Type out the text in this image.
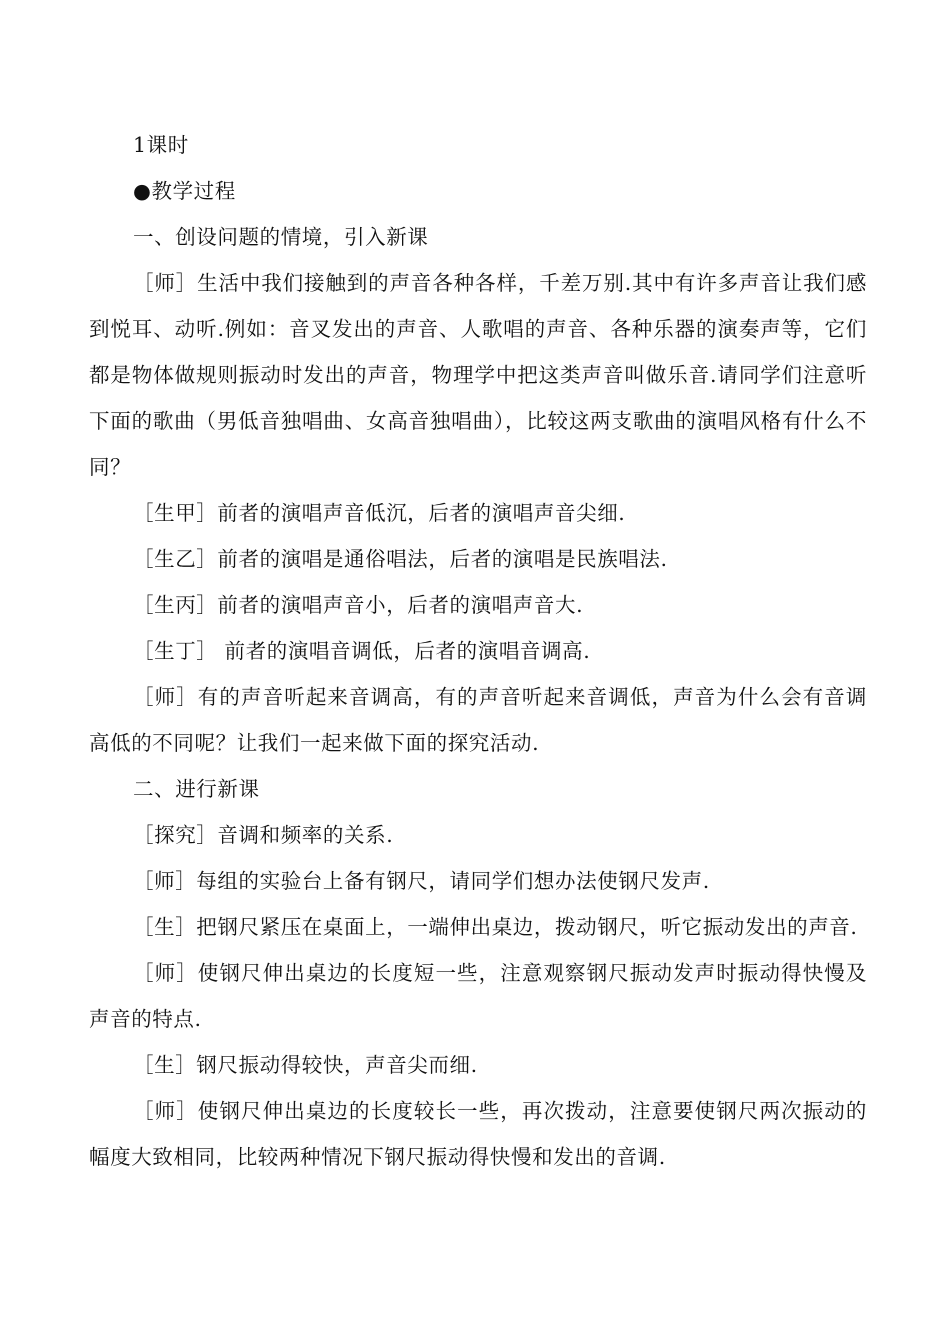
1课时

●教学过程

一、创设问题的情境，引入新课

［师］生活中我们接触到的声音各种各样，千差万别.其中有许多声音让我们感到悦耳、动听.例如：音叉发出的声音、人歌唱的声音、各种乐器的演奏声等，它们都是物体做规则振动时发出的声音，物理学中把这类声音叫做乐音.请同学们注意听下面的歌曲（男低音独唱曲、女高音独唱曲），比较这两支歌曲的演唱风格有什么不同？

［生甲］前者的演唱声音低沉，后者的演唱声音尖细.

［生乙］前者的演唱是通俗唱法，后者的演唱是民族唱法.

［生丙］前者的演唱声音小，后者的演唱声音大.

［生丁］ 前者的演唱音调低，后者的演唱音调高.

［师］有的声音听起来音调高，有的声音听起来音调低，声音为什么会有音调高低的不同呢？让我们一起来做下面的探究活动.

二、进行新课

［探究］音调和频率的关系.

［师］每组的实验台上备有钢尺，请同学们想办法使钢尺发声.

［生］把钢尺紧压在桌面上，一端伸出桌边，拨动钢尺，听它振动发出的声音.

［师］使钢尺伸出桌边的长度短一些，注意观察钢尺振动发声时振动得快慢及声音的特点.

［生］钢尺振动得较快，声音尖而细.

［师］使钢尺伸出桌边的长度较长一些，再次拨动，注意要使钢尺两次振动的幅度大致相同，比较两种情况下钢尺振动得快慢和发出的音调.
